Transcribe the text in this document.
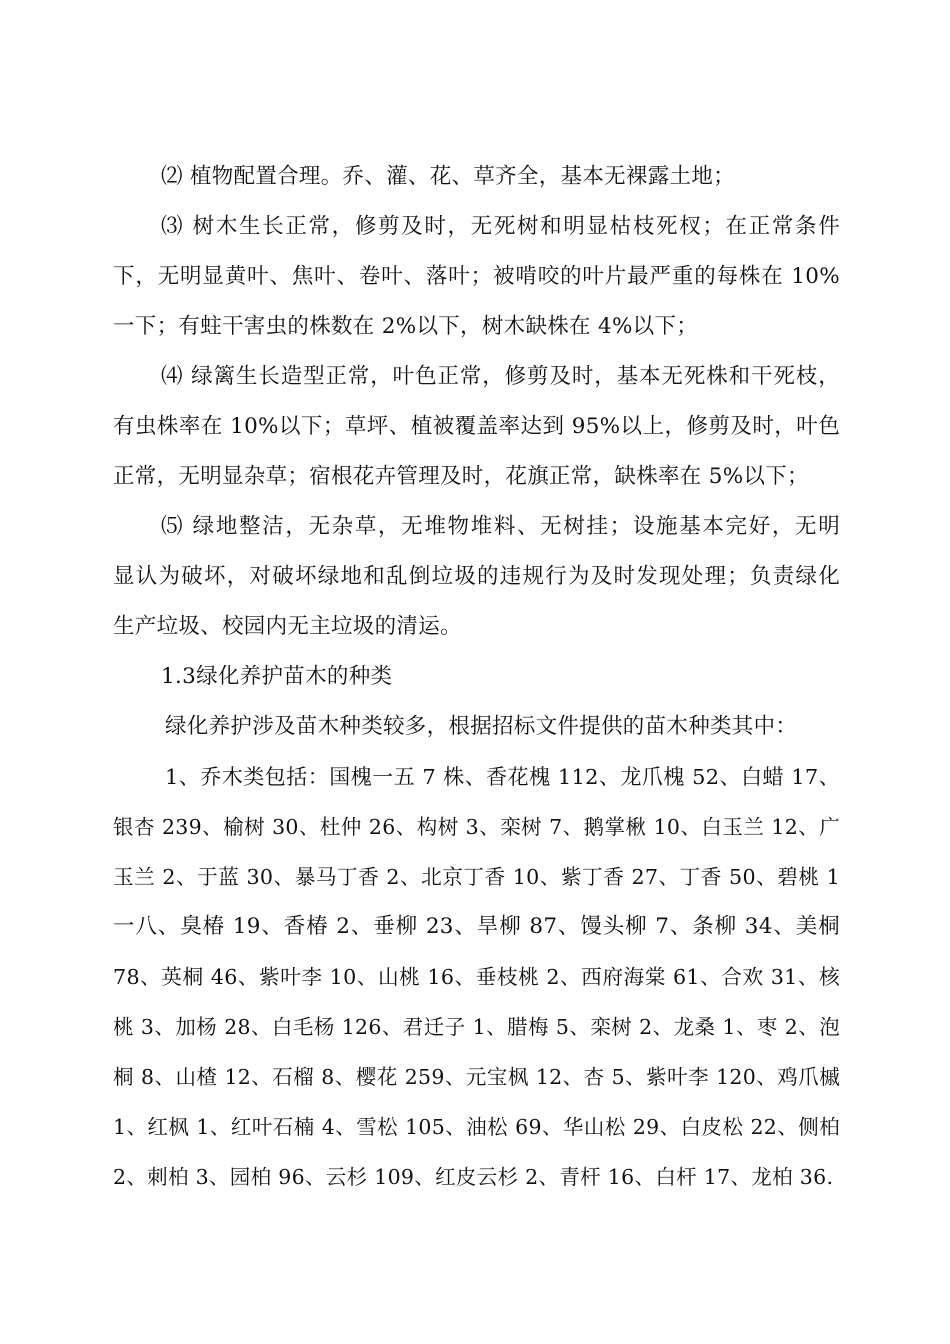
⑵ 植物配置合理。乔、灌、花、草齐全，基本无裸露土地；
⑶ 树木生长正常，修剪及时，无死树和明显枯枝死杈；在正常条件
下，无明显黄叶、焦叶、卷叶、落叶；被啃咬的叶片最严重的每株在 10%
一下；有蛀干害虫的株数在 2%以下，树木缺株在 4%以下；
⑷ 绿篱生长造型正常，叶色正常，修剪及时，基本无死株和干死枝，
有虫株率在 10%以下；草坪、植被覆盖率达到 95%以上，修剪及时，叶色
正常，无明显杂草；宿根花卉管理及时，花旗正常，缺株率在 5%以下；
⑸ 绿地整洁，无杂草，无堆物堆料、无树挂；设施基本完好，无明
显认为破坏，对破坏绿地和乱倒垃圾的违规行为及时发现处理；负责绿化
生产垃圾、校园内无主垃圾的清运。
1.3绿化养护苗木的种类
绿化养护涉及苗木种类较多，根据招标文件提供的苗木种类其中：
1、乔木类包括：国槐一五 7 株、香花槐 112、龙爪槐 52、白蜡 17、
银杏 239、榆树 30、杜仲 26、构树 3、栾树 7、鹅掌楸 10、白玉兰 12、广
玉兰 2、于蓝 30、暴马丁香 2、北京丁香 10、紫丁香 27、丁香 50、碧桃 1
一八、臭椿 19、香椿 2、垂柳 23、旱柳 87、馒头柳 7、条柳 34、美桐
78、英桐 46、紫叶李 10、山桃 16、垂枝桃 2、西府海棠 61、合欢 31、核
桃 3、加杨 28、白毛杨 126、君迁子 1、腊梅 5、栾树 2、龙桑 1、枣 2、泡
桐 8、山楂 12、石榴 8、樱花 259、元宝枫 12、杏 5、紫叶李 120、鸡爪槭
1、红枫 1、红叶石楠 4、雪松 105、油松 69、华山松 29、白皮松 22、侧柏
2、刺柏 3、园柏 96、云杉 109、红皮云杉 2、青杆 16、白杆 17、龙柏 36.
